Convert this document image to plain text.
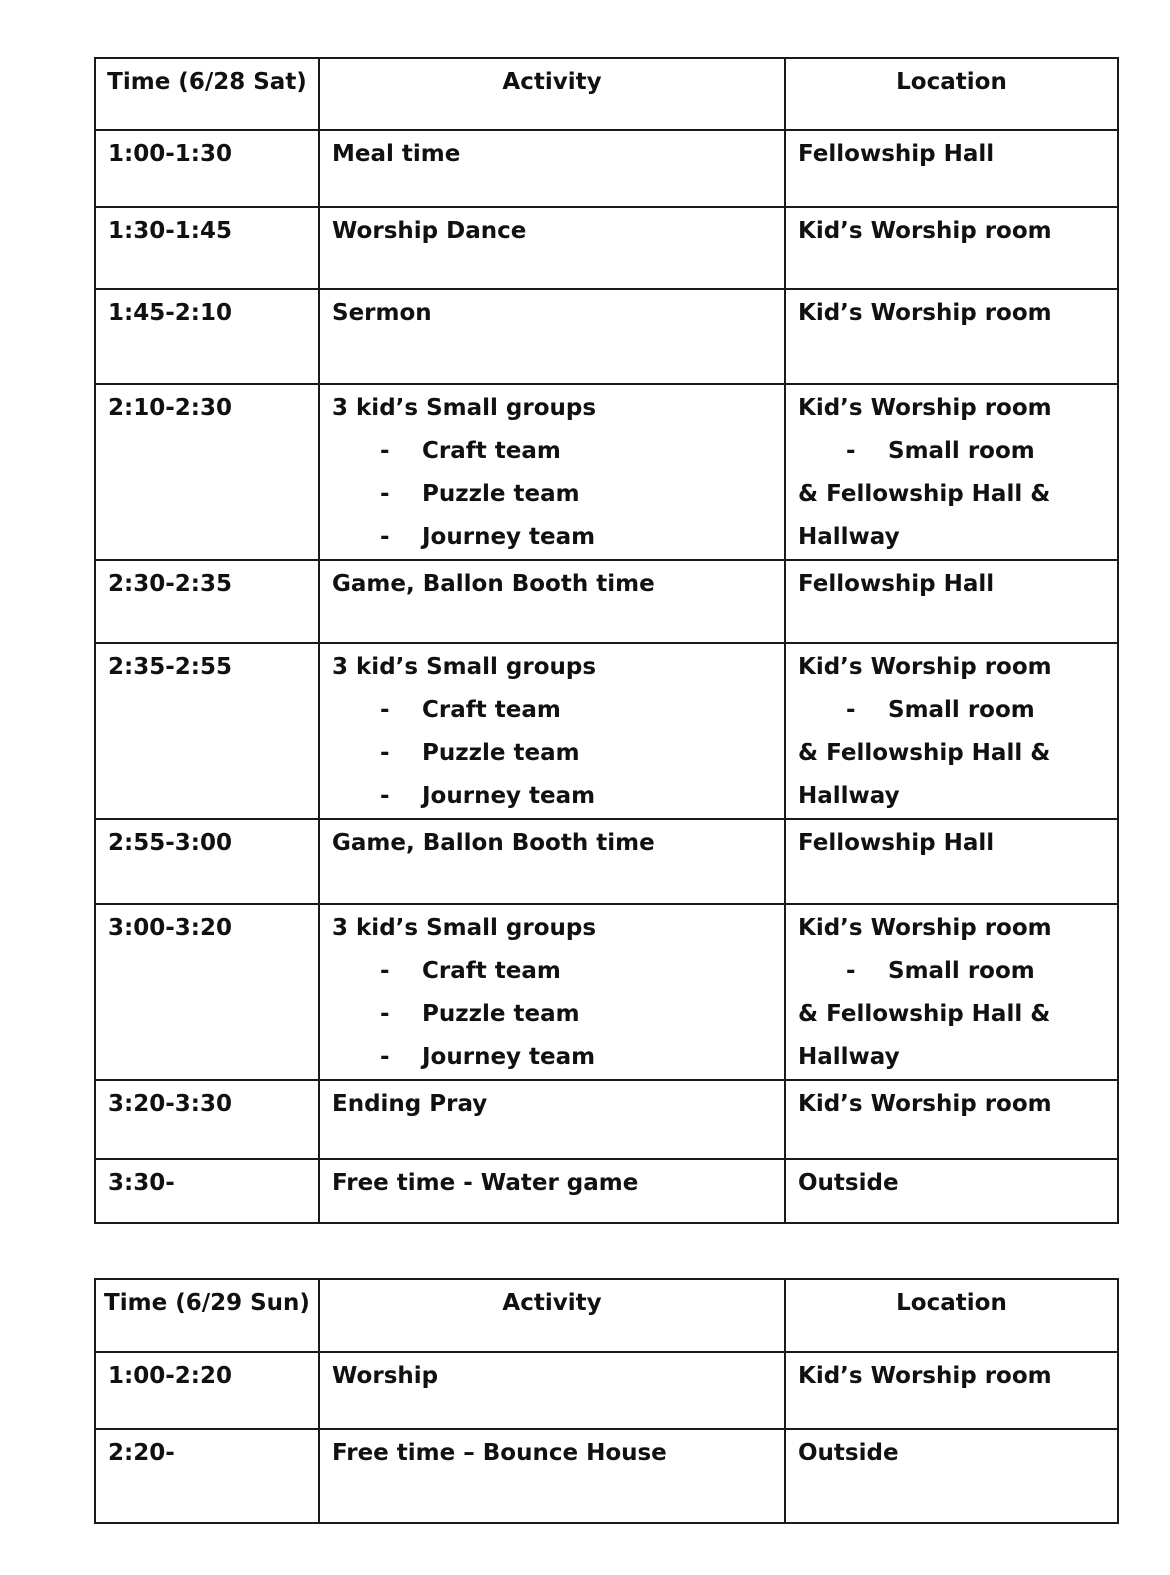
Time (6/28 Sat)	Activity	Location
1:00-1:30	Meal time	Fellowship Hall
1:30-1:45	Worship Dance	Kid’s Worship room
1:45-2:10	Sermon	Kid’s Worship room
2:10-2:30	3 kid’s Small groups
- Craft team
- Puzzle team
- Journey team	Kid’s Worship room
- Small room
& Fellowship Hall &
Hallway

2:30-2:35	Game, Ballon Booth time	Fellowship Hall
2:35-2:55	3 kid’s Small groups
- Craft team
- Puzzle team
- Journey team	Kid’s Worship room
- Small room
& Fellowship Hall &
Hallway

2:55-3:00	Game, Ballon Booth time	Fellowship Hall
3:00-3:20	3 kid’s Small groups
- Craft team
- Puzzle team
- Journey team	Kid’s Worship room
- Small room
& Fellowship Hall &
Hallway

3:20-3:30	Ending Pray	Kid’s Worship room
3:30-	Free time - Water game	Outside
Time (6/29 Sun)	Activity	Location
1:00-2:20	Worship	Kid’s Worship room
2:20-	Free time – Bounce House	Outside
